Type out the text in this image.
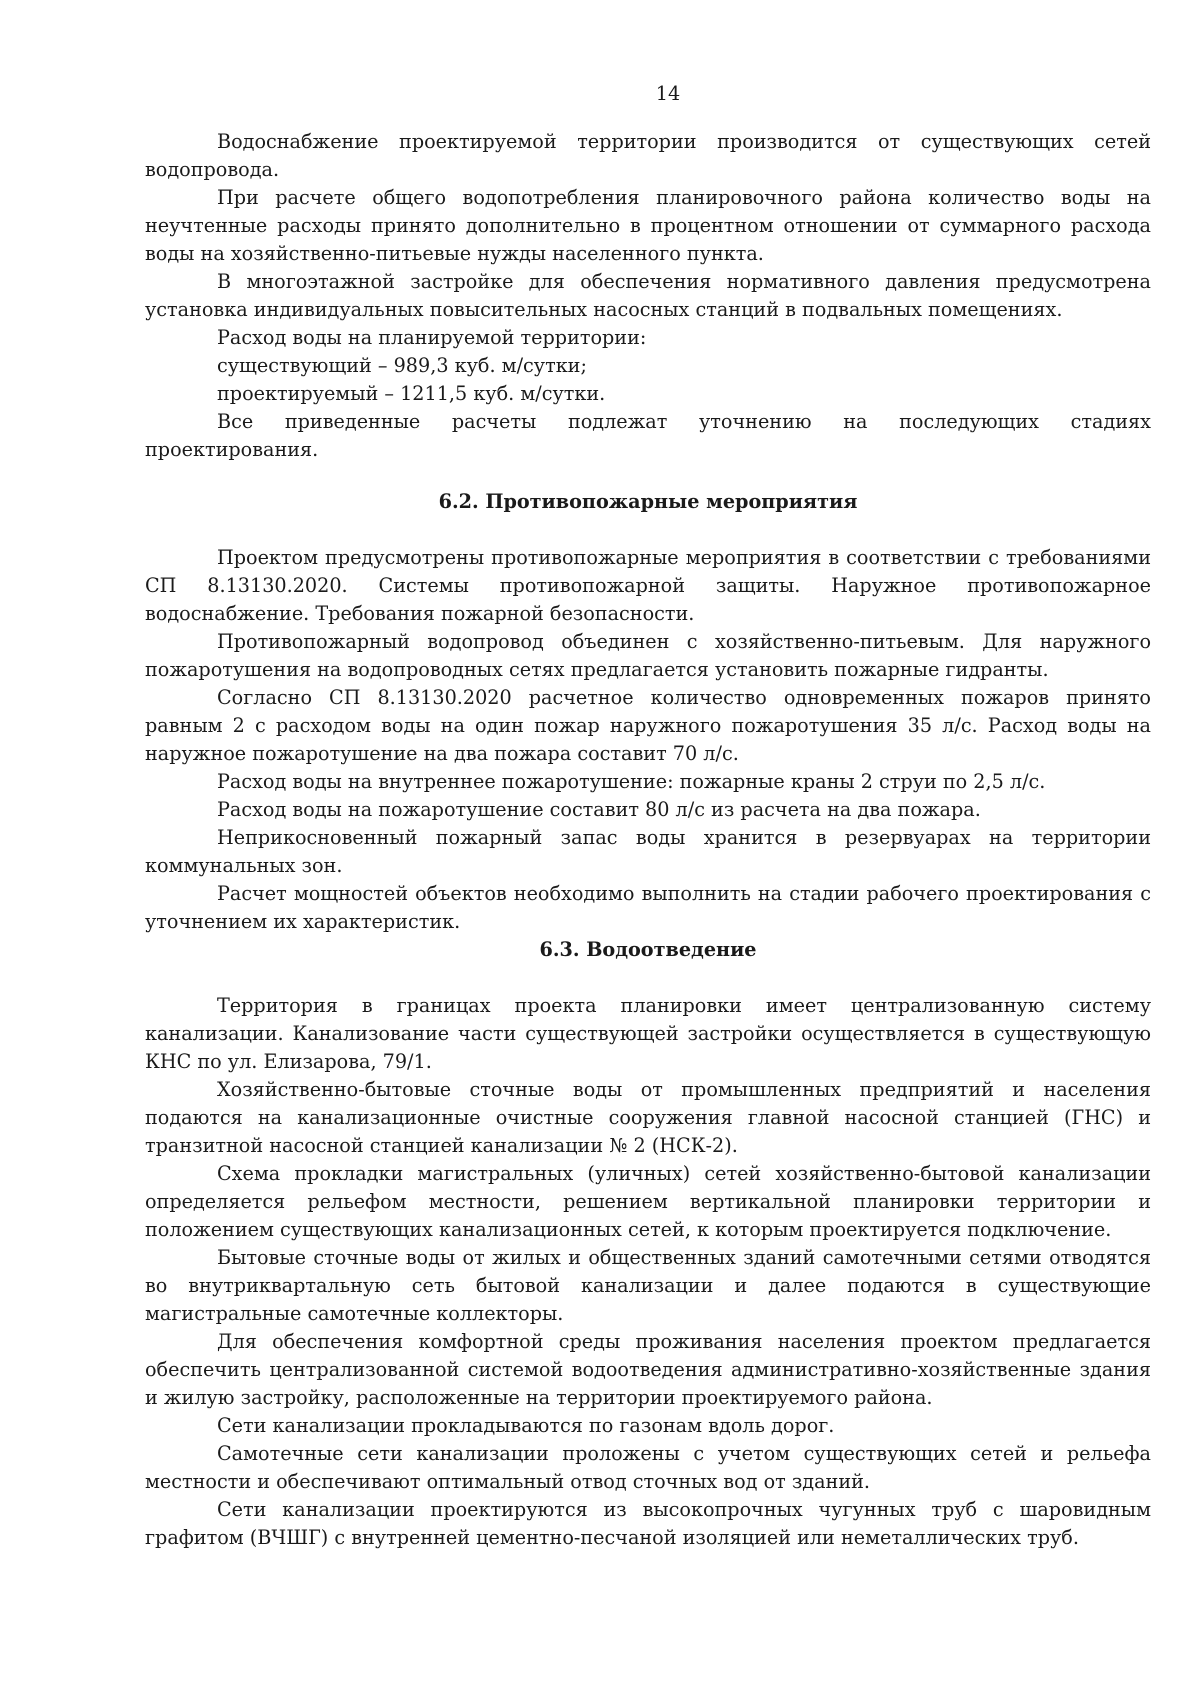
14

Водоснабжение проектируемой территории производится от существующих сетей водопровода.

При расчете общего водопотребления планировочного района количество воды на неучтенные расходы принято дополнительно в процентном отношении от суммарного расхода воды на хозяйственно-питьевые нужды населенного пункта.

В многоэтажной застройке для обеспечения нормативного давления предусмотрена установка индивидуальных повысительных насосных станций в подвальных помещениях.

Расход воды на планируемой территории:

существующий – 989,3 куб. м/сутки;

проектируемый – 1211,5 куб. м/сутки.

Все приведенные расчеты подлежат уточнению на последующих стадиях проектирования.

6.2. Противопожарные мероприятия

Проектом предусмотрены противопожарные мероприятия в соответствии с требованиями СП 8.13130.2020. Системы противопожарной защиты. Наружное противопожарное водоснабжение. Требования пожарной безопасности.

Противопожарный водопровод объединен с хозяйственно-питьевым. Для наружного пожаротушения на водопроводных сетях предлагается установить пожарные гидранты.

Согласно СП 8.13130.2020 расчетное количество одновременных пожаров принято равным 2 с расходом воды на один пожар наружного пожаротушения 35 л/с. Расход воды на наружное пожаротушение на два пожара составит 70 л/с.

Расход воды на внутреннее пожаротушение: пожарные краны 2 струи по 2,5 л/с.

Расход воды на пожаротушение составит 80 л/с из расчета на два пожара.

Неприкосновенный пожарный запас воды хранится в резервуарах на территории коммунальных зон.

Расчет мощностей объектов необходимо выполнить на стадии рабочего проектирования с уточнением их характеристик.

6.3. Водоотведение

Территория в границах проекта планировки имеет централизованную систему канализации. Канализование части существующей застройки осуществляется в существующую КНС по ул. Елизарова, 79/1.

Хозяйственно-бытовые сточные воды от промышленных предприятий и населения подаются на канализационные очистные сооружения главной насосной станцией (ГНС) и транзитной насосной станцией канализации № 2 (НСК-2).

Схема прокладки магистральных (уличных) сетей хозяйственно-бытовой канализации определяется рельефом местности, решением вертикальной планировки территории и положением существующих канализационных сетей, к которым проектируется подключение.

Бытовые сточные воды от жилых и общественных зданий самотечными сетями отводятся во внутриквартальную сеть бытовой канализации и далее подаются в существующие магистральные самотечные коллекторы.

Для обеспечения комфортной среды проживания населения проектом предлагается обеспечить централизованной системой водоотведения административно-хозяйственные здания и жилую застройку, расположенные на территории проектируемого района.

Сети канализации прокладываются по газонам вдоль дорог.

Самотечные сети канализации проложены с учетом существующих сетей и рельефа местности и обеспечивают оптимальный отвод сточных вод от зданий.

Сети канализации проектируются из высокопрочных чугунных труб с шаровидным графитом (ВЧШГ) с внутренней цементно-песчаной изоляцией или неметаллических труб.
